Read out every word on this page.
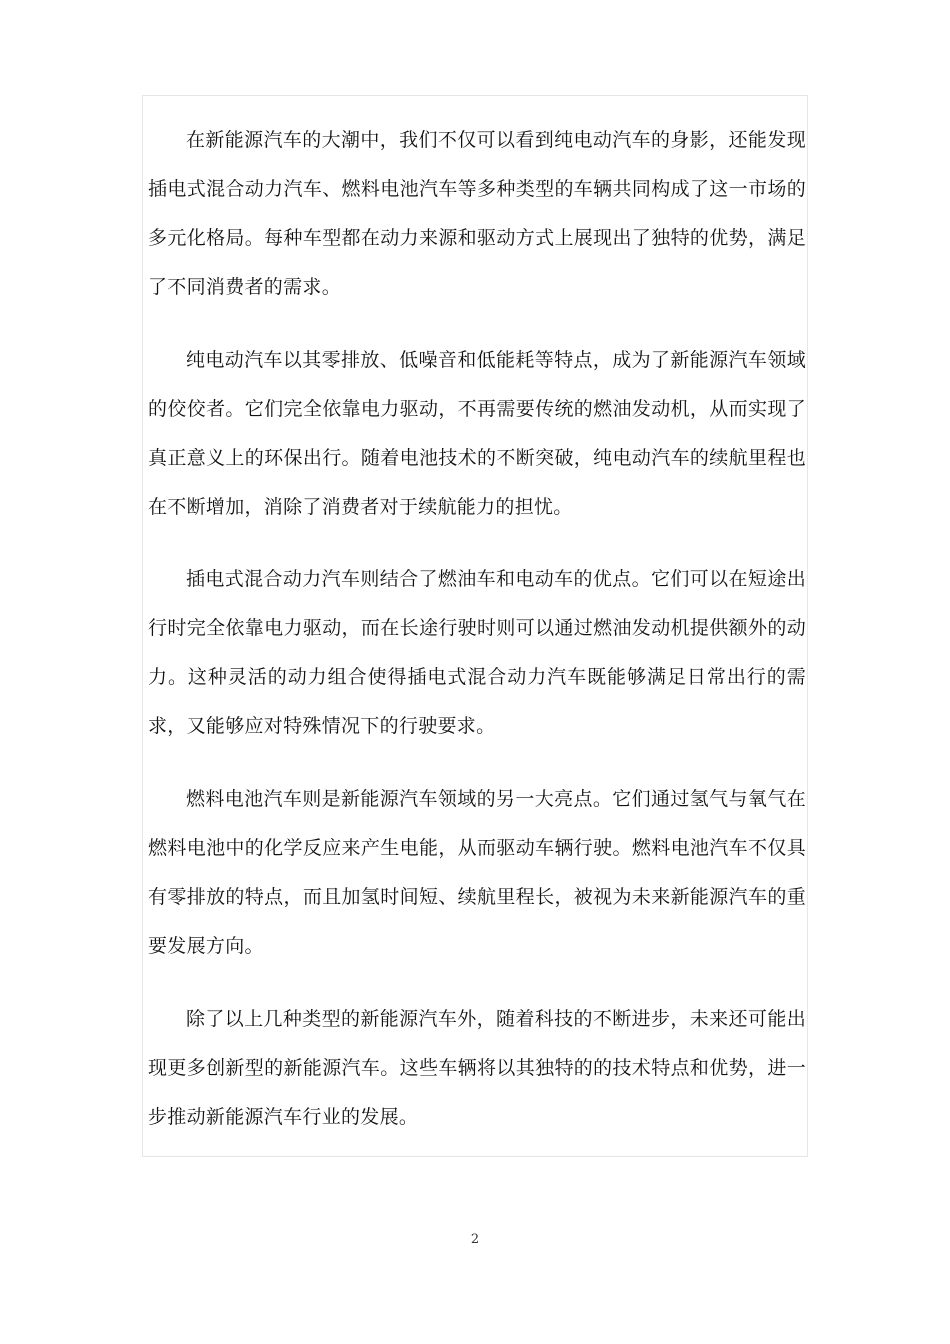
在新能源汽车的大潮中，我们不仅可以看到纯电动汽车的身影，还能发现插电式混合动力汽车、燃料电池汽车等多种类型的车辆共同构成了这一市场的多元化格局。每种车型都在动力来源和驱动方式上展现出了独特的优势，满足了不同消费者的需求。

纯电动汽车以其零排放、低噪音和低能耗等特点，成为了新能源汽车领域的佼佼者。它们完全依靠电力驱动，不再需要传统的燃油发动机，从而实现了真正意义上的环保出行。随着电池技术的不断突破，纯电动汽车的续航里程也在不断增加，消除了消费者对于续航能力的担忧。

插电式混合动力汽车则结合了燃油车和电动车的优点。它们可以在短途出行时完全依靠电力驱动，而在长途行驶时则可以通过燃油发动机提供额外的动力。这种灵活的动力组合使得插电式混合动力汽车既能够满足日常出行的需求，又能够应对特殊情况下的行驶要求。

燃料电池汽车则是新能源汽车领域的另一大亮点。它们通过氢气与氧气在燃料电池中的化学反应来产生电能，从而驱动车辆行驶。燃料电池汽车不仅具有零排放的特点，而且加氢时间短、续航里程长，被视为未来新能源汽车的重要发展方向。

除了以上几种类型的新能源汽车外，随着科技的不断进步，未来还可能出现更多创新型的新能源汽车。这些车辆将以其独特的的技术特点和优势，进一步推动新能源汽车行业的发展。

2
